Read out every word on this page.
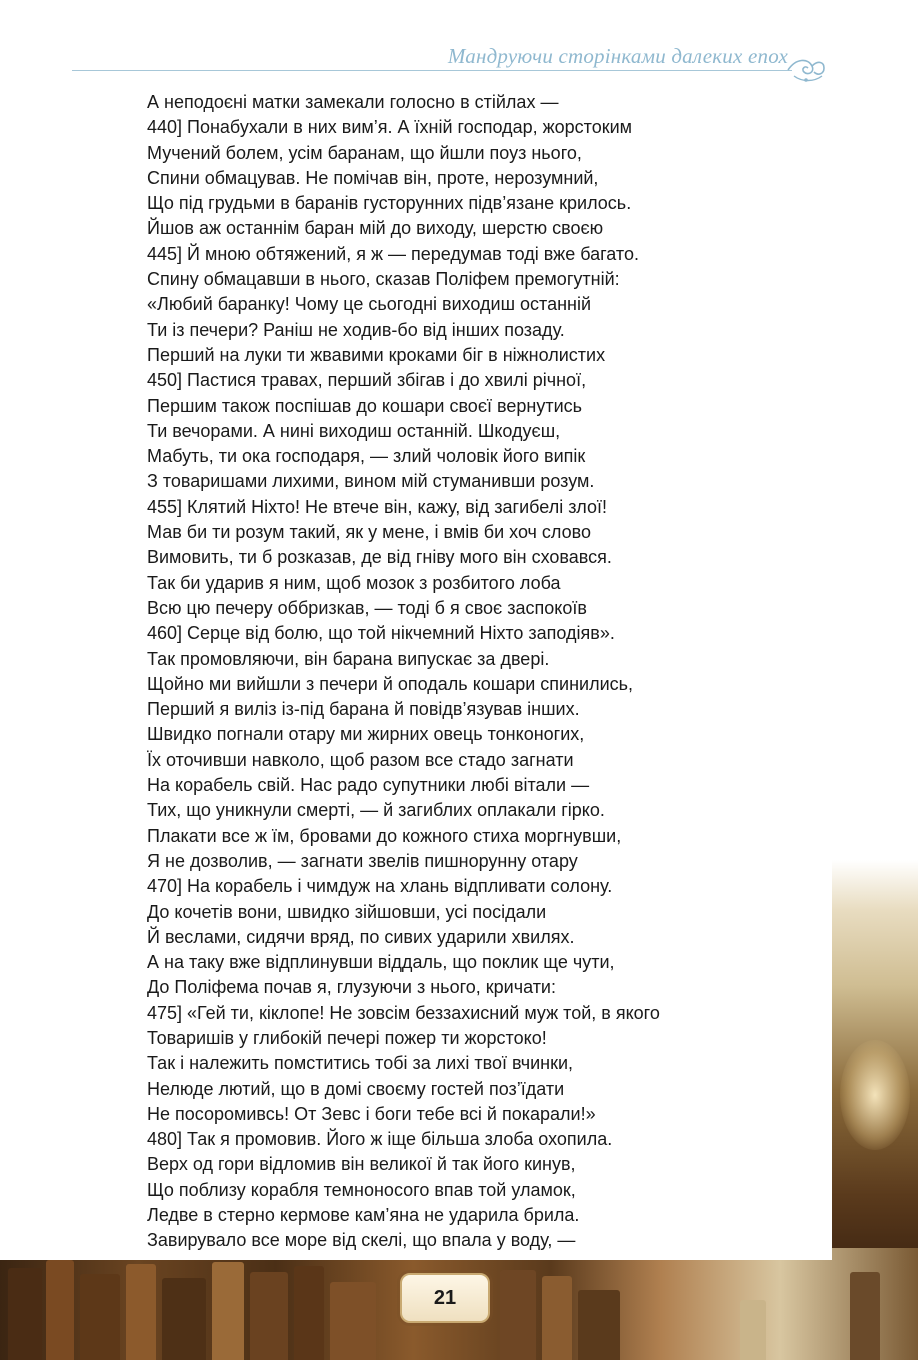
Мандруючи сторінками далеких епох
А неподоєні матки замекали голосно в стійлах —
440] Понабухали в них вим’я. А їхній господар, жорстоким
Мучений болем, усім баранам, що йшли поуз нього,
Спини обмацував. Не помічав він, проте, нерозумний,
Що під грудьми в баранів густорунних підв’язане крилось.
Йшов аж останнім баран мій до виходу, шерстю своєю
445] Й мною обтяжений, я ж — передумав тоді вже багато.
Спину обмацавши в нього, сказав Поліфем премогутній:
«Любий баранку! Чому це сьогодні виходиш останній
Ти із печери? Раніш не ходив-бо від інших позаду.
Перший на луки ти жвавими кроками біг в ніжнолистих
450] Пастися травах, перший збігав і до хвилі річної,
Першим також поспішав до кошари своєї вернутись
Ти вечорами. А нині виходиш останній. Шкодуєш,
Мабуть, ти ока господаря, — злий чоловік його випік
З товаришами лихими, вином мій стуманивши розум.
455] Клятий Ніхто! Не втече він, кажу, від загибелі злої!
Мав би ти розум такий, як у мене, і вмів би хоч слово
Вимовить, ти б розказав, де від гніву мого він сховався.
Так би ударив я ним, щоб мозок з розбитого лоба
Всю цю печеру оббризкав, — тоді б я своє заспокоїв
460] Серце від болю, що той нікчемний Ніхто заподіяв».
Так промовляючи, він барана випускає за двері.
Щойно ми вийшли з печери й оподаль кошари спинились,
Перший я виліз із-під барана й повідв’язував інших.
Швидко погнали отару ми жирних овець тонконогих,
Їх оточивши навколо, щоб разом все стадо загнати
На корабель свій. Нас радо супутники любі вітали —
Тих, що уникнули смерті, — й загиблих оплакали гірко.
Плакати все ж їм, бровами до кожного стиха моргнувши,
Я не дозволив, — загнати звелів пишнорунну отару
470] На корабель і чимдуж на хлань відпливати солону.
До кочетів вони, швидко зійшовши, усі посідали
Й веслами, сидячи вряд, по сивих ударили хвилях.
А на таку вже відплинувши віддаль, що поклик ще чути,
До Поліфема почав я, глузуючи з нього, кричати:
475] «Гей ти, кіклопе! Не зовсім беззахисний муж той, в якого
Товаришів у глибокій печері пожер ти жорстоко!
Так і належить помститись тобі за лихі твої вчинки,
Нелюде лютий, що в домі своєму гостей поз’їдати
Не посоромивсь! От Зевс і боги тебе всі й покарали!»
480] Так я промовив. Його ж іще більша злоба охопила.
Верх од гори відломив він великої й так його кинув,
Що поблизу корабля темноносого впав той уламок,
Ледве в стерно кермове кам’яна не ударила брила.
Завирувало все море від скелі, що впала у воду, —
21
